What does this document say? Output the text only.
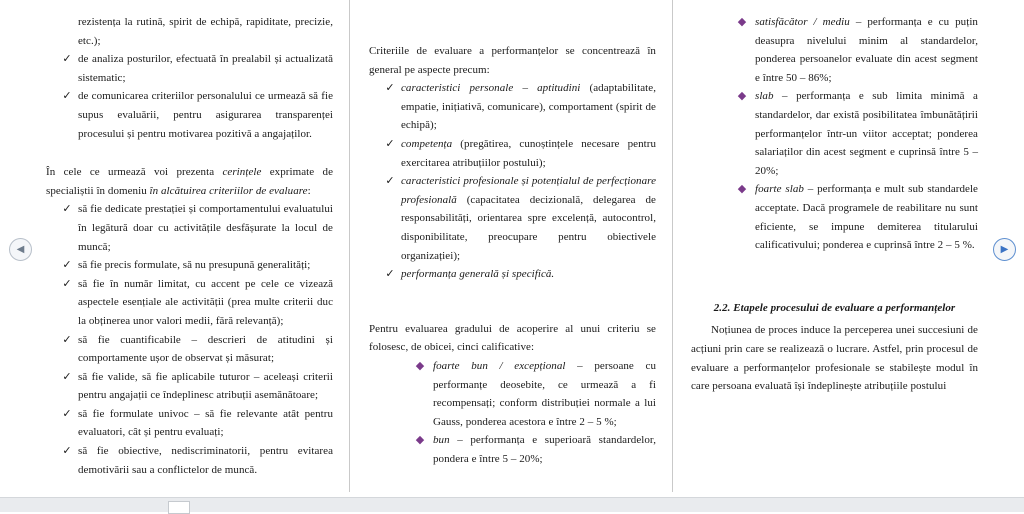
rezistența la rutină, spirit de echipă, rapiditate, precizie, etc.);

✓ de analiza posturilor, efectuată în prealabil și actualizată sistematic;

✓ de comunicarea criteriilor personalului ce urmează să fie supus evaluării, pentru asigurarea transparenței procesului și pentru motivarea pozitivă a angajaților.

În cele ce urmează voi prezenta cerințele exprimate de specialiștii în domeniu în alcătuirea criteriilor de evaluare:

✓ să fie dedicate prestației și comportamentului evaluatului în legătură doar cu activitățile desfășurate la locul de muncă;

✓ să fie precis formulate, să nu presupună generalități;

✓ să fie în număr limitat, cu accent pe cele ce vizează aspectele esențiale ale activității (prea multe criterii duc la obținerea unor valori medii, fără relevanță);

✓ să fie cuantificabile – descrieri de atitudini și comportamente ușor de observat și măsurat;

✓ să fie valide, să fie aplicabile tuturor – aceleași criterii pentru angajații ce îndeplinesc atribuții asemănătoare;

✓ să fie formulate univoc – să fie relevante atât pentru evaluatori, cât și pentru evaluați;

✓ să fie obiective, nediscriminatorii, pentru evitarea demotivării sau a conflictelor de muncă.

Criteriile de evaluare a performanțelor se concentrează în general pe aspecte precum:

✓ caracteristici personale – aptitudini (adaptabilitate, empatie, inițiativă, comunicare), comportament (spirit de echipă);

✓ competența (pregătirea, cunoștințele necesare pentru exercitarea atribuțiilor postului);

✓ caracteristici profesionale și potențialul de perfecționare profesională (capacitatea decizională, delegarea de responsabilități, orientarea spre excelență, autocontrol, disponibilitate, preocupare pentru obiectivele organizației);

✓ performanța generală și specifică.

Pentru evaluarea gradului de acoperire al unui criteriu se folosesc, de obicei, cinci calificative:

◆ foarte bun / excepțional – persoane cu performanțe deosebite, ce urmează a fi recompensați; conform distribuției normale a lui Gauss, ponderea acestora e între 2 – 5 %;

◆ bun – performanța e superioară standardelor, pondera e între 5 – 20%;

◆ satisfăcător / mediu – performanța e cu puțin deasupra nivelului minim al standardelor, ponderea persoanelor evaluate din acest segment e între 50 – 86%;

◆ slab – performanța e sub limita minimă a standardelor, dar există posibilitatea îmbunătățirii performanțelor într-un viitor acceptat; ponderea salariaților din acest segment e cuprinsă între 5 – 20%;

◆ foarte slab – performanța e mult sub standardele acceptate. Dacă programele de reabilitare nu sunt eficiente, se impune demiterea titularului calificativului; ponderea e cuprinsă între 2 – 5 %.

2.2. Etapele procesului de evaluare a performanțelor

Noțiunea de proces induce la perceperea unei succesiuni de acțiuni prin care se realizează o lucrare. Astfel, prin procesul de evaluare a performanțelor profesionale se stabilește modul în care persoana evaluată își îndeplinește atribuțiile postului

◀	▶
